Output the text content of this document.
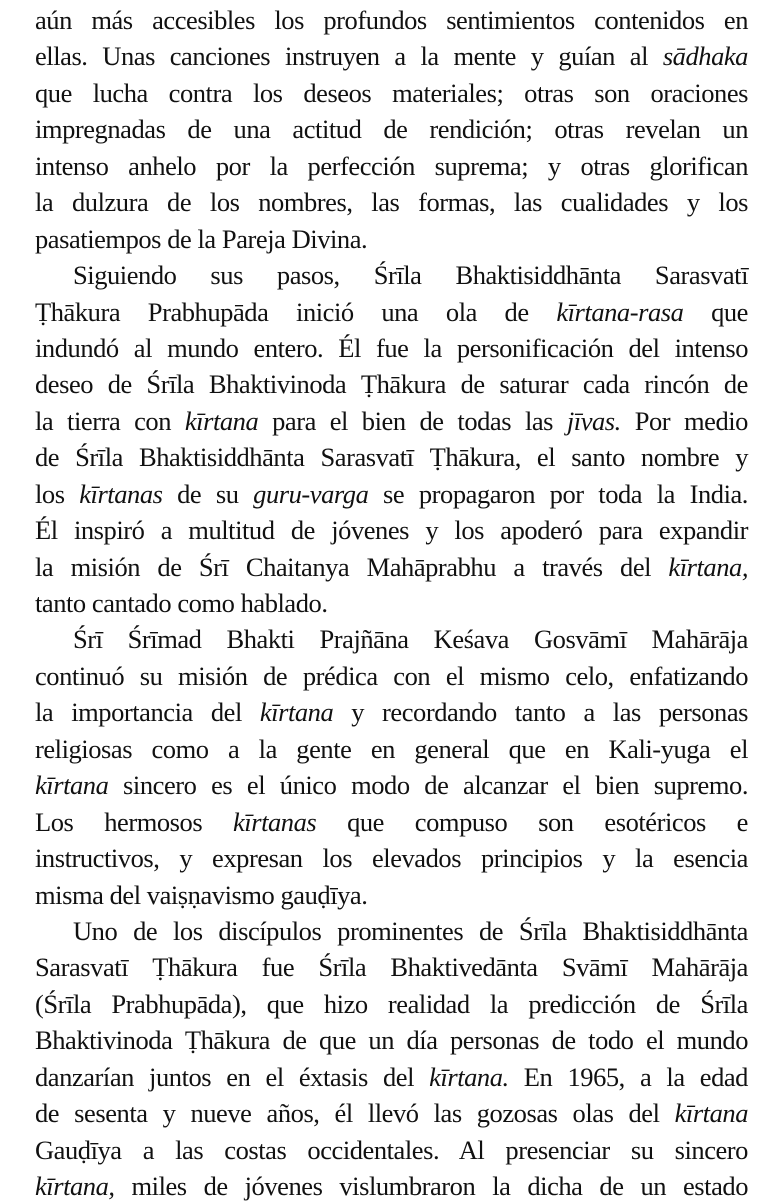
aún más accesibles los profundos sentimientos contenidos en
ellas. Unas canciones instruyen a la mente y guían al sādhaka
que lucha contra los deseos materiales; otras son oraciones
impregnadas de una actitud de rendición; otras revelan un
intenso anhelo por la perfección suprema; y otras glorifican
la dulzura de los nombres, las formas, las cualidades y los
pasatiempos de la Pareja Divina.
Siguiendo sus pasos, Śrīla Bhaktisiddhānta Sarasvatī
Ṭhākura Prabhupāda inició una ola de kīrtana-rasa que
indundó al mundo entero. Él fue la personificación del intenso
deseo de Śrīla Bhaktivinoda Ṭhākura de saturar cada rincón de
la tierra con kīrtana para el bien de todas las jīvas. Por medio
de Śrīla Bhaktisiddhānta Sarasvatī Ṭhākura, el santo nombre y
los kīrtanas de su guru-varga se propagaron por toda la India.
Él inspiró a multitud de jóvenes y los apoderó para expandir
la misión de Śrī Chaitanya Mahāprabhu a través del kīrtana,
tanto cantado como hablado.
Śrī Śrīmad Bhakti Prajñāna Keśava Gosvāmī Mahārāja
continuó su misión de prédica con el mismo celo, enfatizando
la importancia del kīrtana y recordando tanto a las personas
religiosas como a la gente en general que en Kali-yuga el
kīrtana sincero es el único modo de alcanzar el bien supremo.
Los hermosos kīrtanas que compuso son esotéricos e
instructivos, y expresan los elevados principios y la esencia
misma del vaiṣṇavismo gauḍīya.
Uno de los discípulos prominentes de Śrīla Bhaktisiddhānta
Sarasvatī Ṭhākura fue Śrīla Bhaktivedānta Svāmī Mahārāja
(Śrīla Prabhupāda), que hizo realidad la predicción de Śrīla
Bhaktivinoda Ṭhākura de que un día personas de todo el mundo
danzarían juntos en el éxtasis del kīrtana. En 1965, a la edad
de sesenta y nueve años, él llevó las gozosas olas del kīrtana
Gauḍīya a las costas occidentales. Al presenciar su sincero
kīrtana, miles de jóvenes vislumbraron la dicha de un estado
